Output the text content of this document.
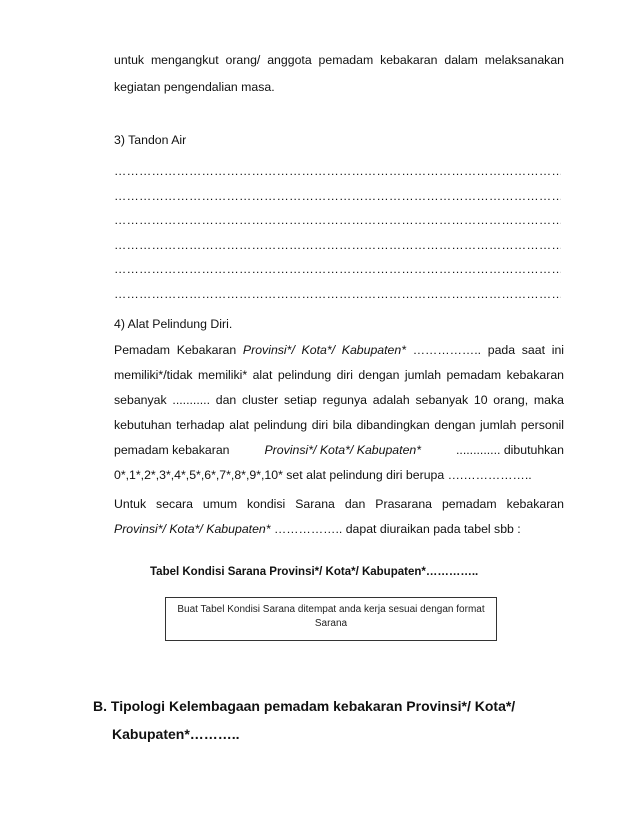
untuk mengangkut orang/ anggota pemadam kebakaran dalam melaksanakan
kegiatan pengendalian masa.
3) Tandon Air
……………………………………………………………………………………………………………………………………………………………………………………
……………………………………………………………………………………………………………………………………………………………………………………
……………………………………………………………………………………………………………………………………………………………………………………
……………………………………………………………………………………………………………………………………………………………………………………
……………………………………………………………………………………………………………………………………………………………………………………
……………………………………………………………………………………………………………………………………………………………………………………
4) Alat Pelindung Diri.
Pemadam Kebakaran Provinsi*/ Kota*/ Kabupaten* …………….. pada saat ini
memiliki*/tidak memiliki* alat pelindung diri dengan jumlah pemadam kebakaran
sebanyak ........... dan cluster setiap regunya adalah sebanyak 10 orang, maka
kebutuhan terhadap alat pelindung diri bila dibandingkan dengan jumlah personil
pemadam kebakaran	Provinsi*/ Kota*/ Kabupaten*	............. dibutuhkan
0*,1*,2*,3*,4*,5*,6*,7*,8*,9*,10* set alat pelindung diri berupa ….……………..
Untuk secara umum kondisi Sarana dan Prasarana pemadam kebakaran
Provinsi*/ Kota*/ Kabupaten* …………….. dapat diuraikan pada tabel sbb :
Tabel Kondisi Sarana Provinsi*/ Kota*/ Kabupaten*…………..
Buat Tabel Kondisi Sarana ditempat anda kerja sesuai dengan format Sarana
B. Tipologi Kelembagaan pemadam kebakaran Provinsi*/ Kota*/
Kabupaten*………..
